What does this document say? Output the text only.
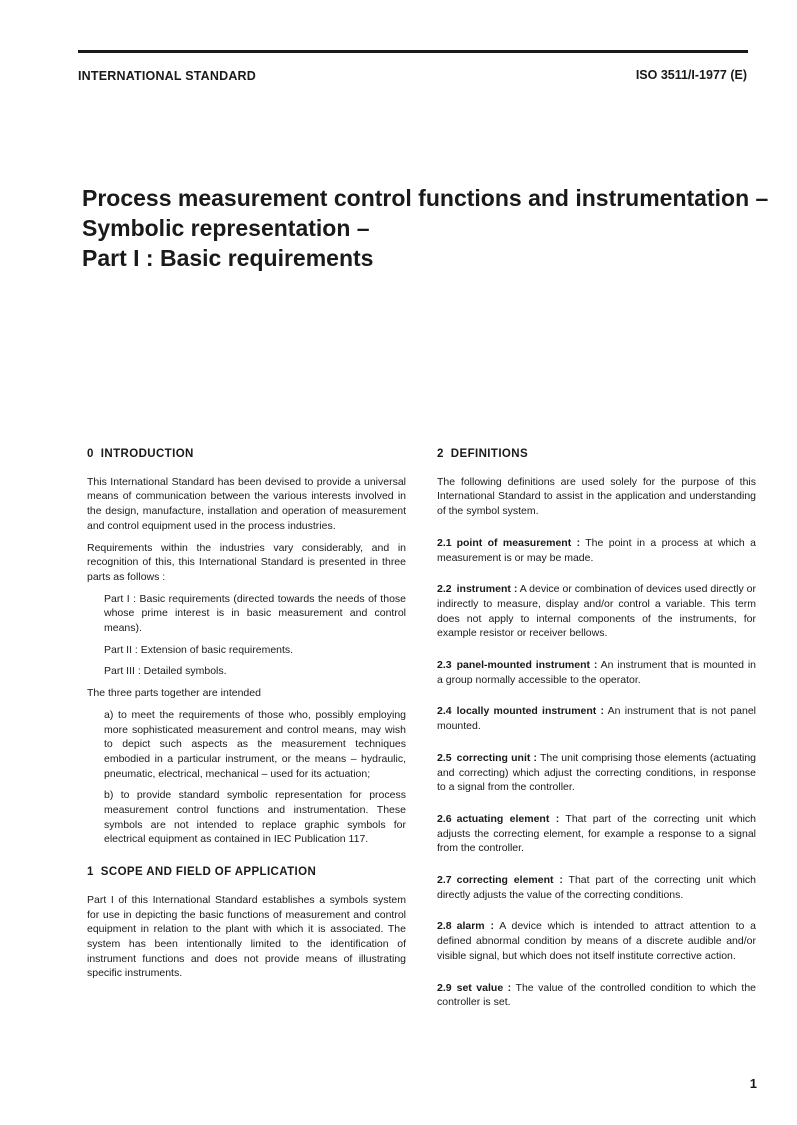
INTERNATIONAL STANDARD	ISO 3511/I-1977 (E)
Process measurement control functions and instrumentation –
Symbolic representation –
Part I : Basic requirements
0 INTRODUCTION

This International Standard has been devised to provide a universal means of communication between the various interests involved in the design, manufacture, installation and operation of measurement and control equipment used in the process industries.

Requirements within the industries vary considerably, and in recognition of this, this International Standard is presented in three parts as follows :

Part I : Basic requirements (directed towards the needs of those whose prime interest is in basic measurement and control means).

Part II : Extension of basic requirements.

Part III : Detailed symbols.

The three parts together are intended

a) to meet the requirements of those who, possibly employing more sophisticated measurement and control means, may wish to depict such aspects as the measurement techniques embodied in a particular instrument, or the means – hydraulic, pneumatic, electrical, mechanical – used for its actuation;

b) to provide standard symbolic representation for process measurement control functions and instrumentation. These symbols are not intended to replace graphic symbols for electrical equipment as contained in IEC Publication 117.

1 SCOPE AND FIELD OF APPLICATION

Part I of this International Standard establishes a symbols system for use in depicting the basic functions of measurement and control equipment in relation to the plant with which it is associated. The system has been intentionally limited to the identification of instrument functions and does not provide means of illustrating specific instruments.

2 DEFINITIONS

The following definitions are used solely for the purpose of this International Standard to assist in the application and understanding of the symbol system.

2.1 point of measurement : The point in a process at which a measurement is or may be made.

2.2 instrument : A device or combination of devices used directly or indirectly to measure, display and/or control a variable. This term does not apply to internal components of the instruments, for example resistor or receiver bellows.

2.3 panel-mounted instrument : An instrument that is mounted in a group normally accessible to the operator.

2.4 locally mounted instrument : An instrument that is not panel mounted.

2.5 correcting unit : The unit comprising those elements (actuating and correcting) which adjust the correcting conditions, in response to a signal from the controller.

2.6 actuating element : That part of the correcting unit which adjusts the correcting element, for example a response to a signal from the controller.

2.7 correcting element : That part of the correcting unit which directly adjusts the value of the correcting conditions.

2.8 alarm : A device which is intended to attract attention to a defined abnormal condition by means of a discrete audible and/or visible signal, but which does not itself institute corrective action.

2.9 set value : The value of the controlled condition to which the controller is set.

1
